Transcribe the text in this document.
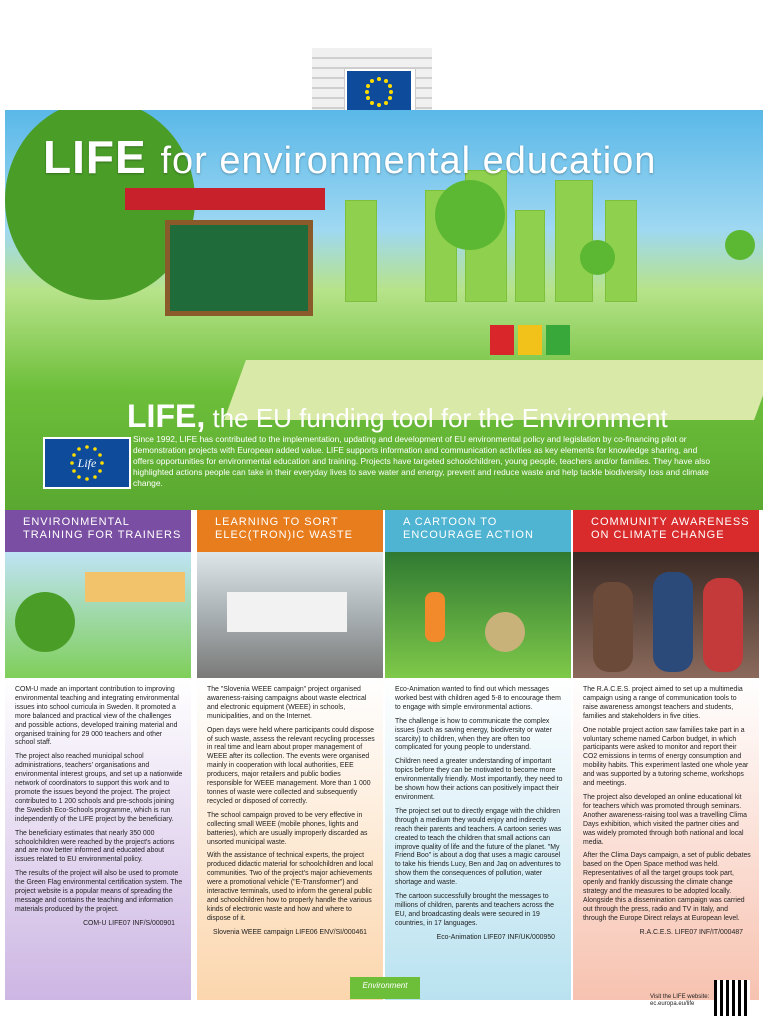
LIFE for environmental education
LIFE, the EU funding tool for the Environment
Life
Since 1992, LIFE has contributed to the implementation, updating and development of EU environmental policy and legislation by co-financing pilot or demonstration projects with European added value. LIFE supports information and communication activities as key elements for knowledge sharing, and offers opportunities for environmental education and training. Projects have targeted schoolchildren, young people, teachers and/or families. They have also highlighted actions people can take in their everyday lives to save water and energy, prevent and reduce waste and help tackle biodiversity loss and climate change.
ENVIRONMENTAL TRAINING FOR TRAINERS

COM-U made an important contribution to improving environmental teaching and integrating environmental issues into school curricula in Sweden. It promoted a more balanced and practical view of the challenges and possible actions, developed training material and organised training for 29 000 teachers and other school staff.

The project also reached municipal school administrations, teachers' organisations and environmental interest groups, and set up a nationwide network of coordinators to support this work and to promote the issues beyond the project. The project contributed to 1 200 schools and pre-schools joining the Swedish Eco-Schools programme, which is run independently of the LIFE project by the beneficiary.

The beneficiary estimates that nearly 350 000 schoolchildren were reached by the project's actions and are now better informed and educated about issues related to EU environmental policy.

The results of the project will also be used to promote the Green Flag environmental certification system. The project website is a popular means of spreading the message and contains the teaching and information materials produced by the project.

COM-U LIFE07 INF/S/000901
LEARNING TO SORT ELEC(TRON)IC WASTE

The "Slovenia WEEE campaign" project organised awareness-raising campaigns about waste electrical and electronic equipment (WEEE) in schools, municipalities, and on the Internet.

Open days were held where participants could dispose of such waste, assess the relevant recycling processes in real time and learn about proper management of WEEE after its collection. The events were organised mainly in cooperation with local authorities, EEE producers, major retailers and public bodies responsible for WEEE management. More than 1 000 tonnes of waste were collected and subsequently recycled or disposed of correctly.

The school campaign proved to be very effective in collecting small WEEE (mobile phones, lights and batteries), which are usually improperly discarded as unsorted municipal waste.

With the assistance of technical experts, the project produced didactic material for schoolchildren and local communities. Two of the project's major achievements were a promotional vehicle ("E-Transformer") and interactive terminals, used to inform the general public and schoolchildren how to properly handle the various kinds of electronic waste and how and where to dispose of it.

Slovenia WEEE campaign LIFE06 ENV/SI/000461
A CARTOON TO ENCOURAGE ACTION

Eco-Animation wanted to find out which messages worked best with children aged 5-8 to encourage them to engage with simple environmental actions.

The challenge is how to communicate the complex issues (such as saving energy, biodiversity or water scarcity) to children, when they are often too complicated for young people to understand.

Children need a greater understanding of important topics before they can be motivated to become more environmentally friendly. Most importantly, they need to be shown how their actions can positively impact their environment.

The project set out to directly engage with the children through a medium they would enjoy and indirectly reach their parents and teachers. A cartoon series was created to teach the children that small actions can improve quality of life and the future of the planet. "My Friend Boo" is about a dog that uses a magic carousel to take his friends Lucy, Ben and Jaq on adventures to show them the consequences of pollution, water shortage and waste.

The cartoon successfully brought the messages to millions of children, parents and teachers across the EU, and broadcasting deals were secured in 19 countries, in 17 languages.

Eco-Animation LIFE07 INF/UK/000950
COMMUNITY AWARENESS ON CLIMATE CHANGE

The R.A.C.E.S. project aimed to set up a multimedia campaign using a range of communication tools to raise awareness amongst teachers and students, families and stakeholders in five cities.

One notable project action saw families take part in a voluntary scheme named Carbon budget, in which participants were asked to monitor and report their CO2 emissions in terms of energy consumption and mobility habits. This experiment lasted one whole year and was supported by a tutoring scheme, workshops and meetings.

The project also developed an online educational kit for teachers which was promoted through seminars. Another awareness-raising tool was a travelling Clima Days exhibition, which visited the partner cities and was widely promoted through both national and local media.

After the Clima Days campaign, a set of public debates based on the Open Space method was held. Representatives of all the target groups took part, openly and frankly discussing the climate change strategy and the measures to be adopted locally. Alongside this a dissemination campaign was carried out through the press, radio and TV in Italy, and through the Europe Direct relays at European level.

R.A.C.E.S. LIFE07 INF/IT/000487
Environment
Visit the LIFE website:
ec.europa.eu/life
